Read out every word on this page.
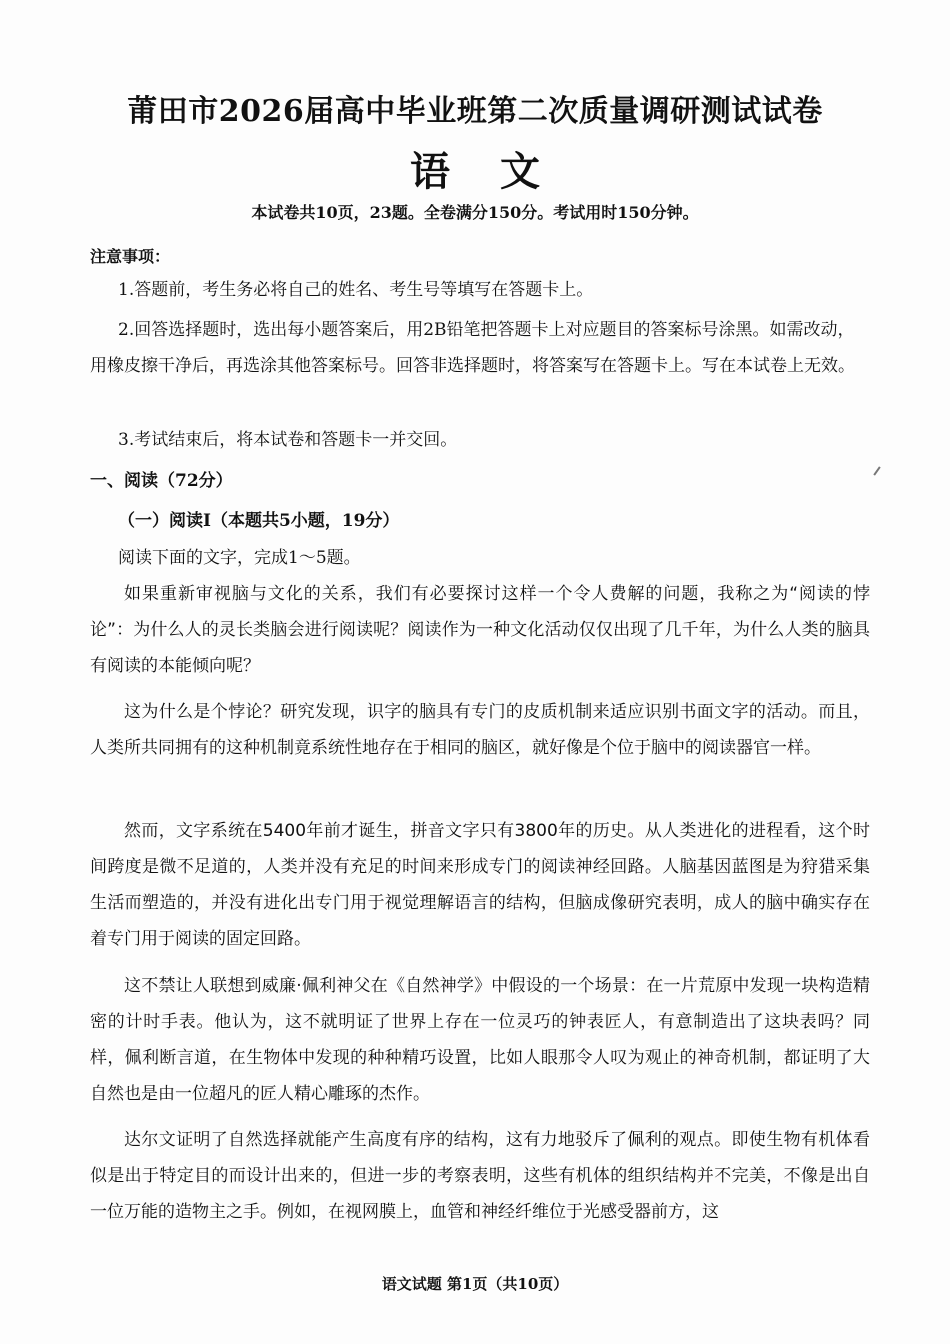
莆田市2026届高中毕业班第二次质量调研测试试卷
语文
本试卷共10页，23题。全卷满分150分。考试用时150分钟。
注意事项：
1.答题前，考生务必将自己的姓名、考生号等填写在答题卡上。
2.回答选择题时，选出每小题答案后，用2B铅笔把答题卡上对应题目的答案标号涂黑。如需改动，用橡皮擦干净后，再选涂其他答案标号。回答非选择题时，将答案写在答题卡上。写在本试卷上无效。
3.考试结束后，将本试卷和答题卡一并交回。
一、阅读（72分）
（一）阅读Ⅰ（本题共5小题，19分）
阅读下面的文字，完成1～5题。
如果重新审视脑与文化的关系，我们有必要探讨这样一个令人费解的问题，我称之为“阅读的悖论”：为什么人的灵长类脑会进行阅读呢？阅读作为一种文化活动仅仅出现了几千年，为什么人类的脑具有阅读的本能倾向呢？
这为什么是个悖论？研究发现，识字的脑具有专门的皮质机制来适应识别书面文字的活动。而且，人类所共同拥有的这种机制竟系统性地存在于相同的脑区，就好像是个位于脑中的阅读器官一样。
然而，文字系统在5400年前才诞生，拼音文字只有3800年的历史。从人类进化的进程看，这个时间跨度是微不足道的，人类并没有充足的时间来形成专门的阅读神经回路。人脑基因蓝图是为狩猎采集生活而塑造的，并没有进化出专门用于视觉理解语言的结构，但脑成像研究表明，成人的脑中确实存在着专门用于阅读的固定回路。
这不禁让人联想到威廉·佩利神父在《自然神学》中假设的一个场景：在一片荒原中发现一块构造精密的计时手表。他认为，这不就明证了世界上存在一位灵巧的钟表匠人，有意制造出了这块表吗？同样，佩利断言道，在生物体中发现的种种精巧设置，比如人眼那令人叹为观止的神奇机制，都证明了大自然也是由一位超凡的匠人精心雕琢的杰作。
达尔文证明了自然选择就能产生高度有序的结构，这有力地驳斥了佩利的观点。即使生物有机体看似是出于特定目的而设计出来的，但进一步的考察表明，这些有机体的组织结构并不完美，不像是出自一位万能的造物主之手。例如，在视网膜上，血管和神经纤维位于光感受器前方，这
语文试题 第1页（共10页）
